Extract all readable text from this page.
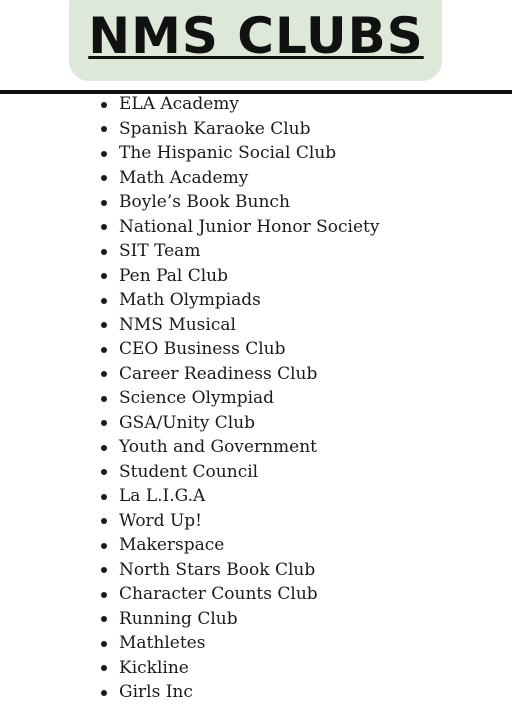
NMS CLUBS
ELA Academy
Spanish Karaoke Club
The Hispanic Social Club
Math Academy
Boyle’s Book Bunch
National Junior Honor Society
SIT Team
Pen Pal Club
Math Olympiads
NMS Musical
CEO Business Club
Career Readiness Club
Science Olympiad
GSA/Unity Club
Youth and Government
Student Council
La L.I.G.A
Word Up!
Makerspace
North Stars Book Club
Character Counts Club
Running Club
Mathletes
Kickline
Girls Inc
